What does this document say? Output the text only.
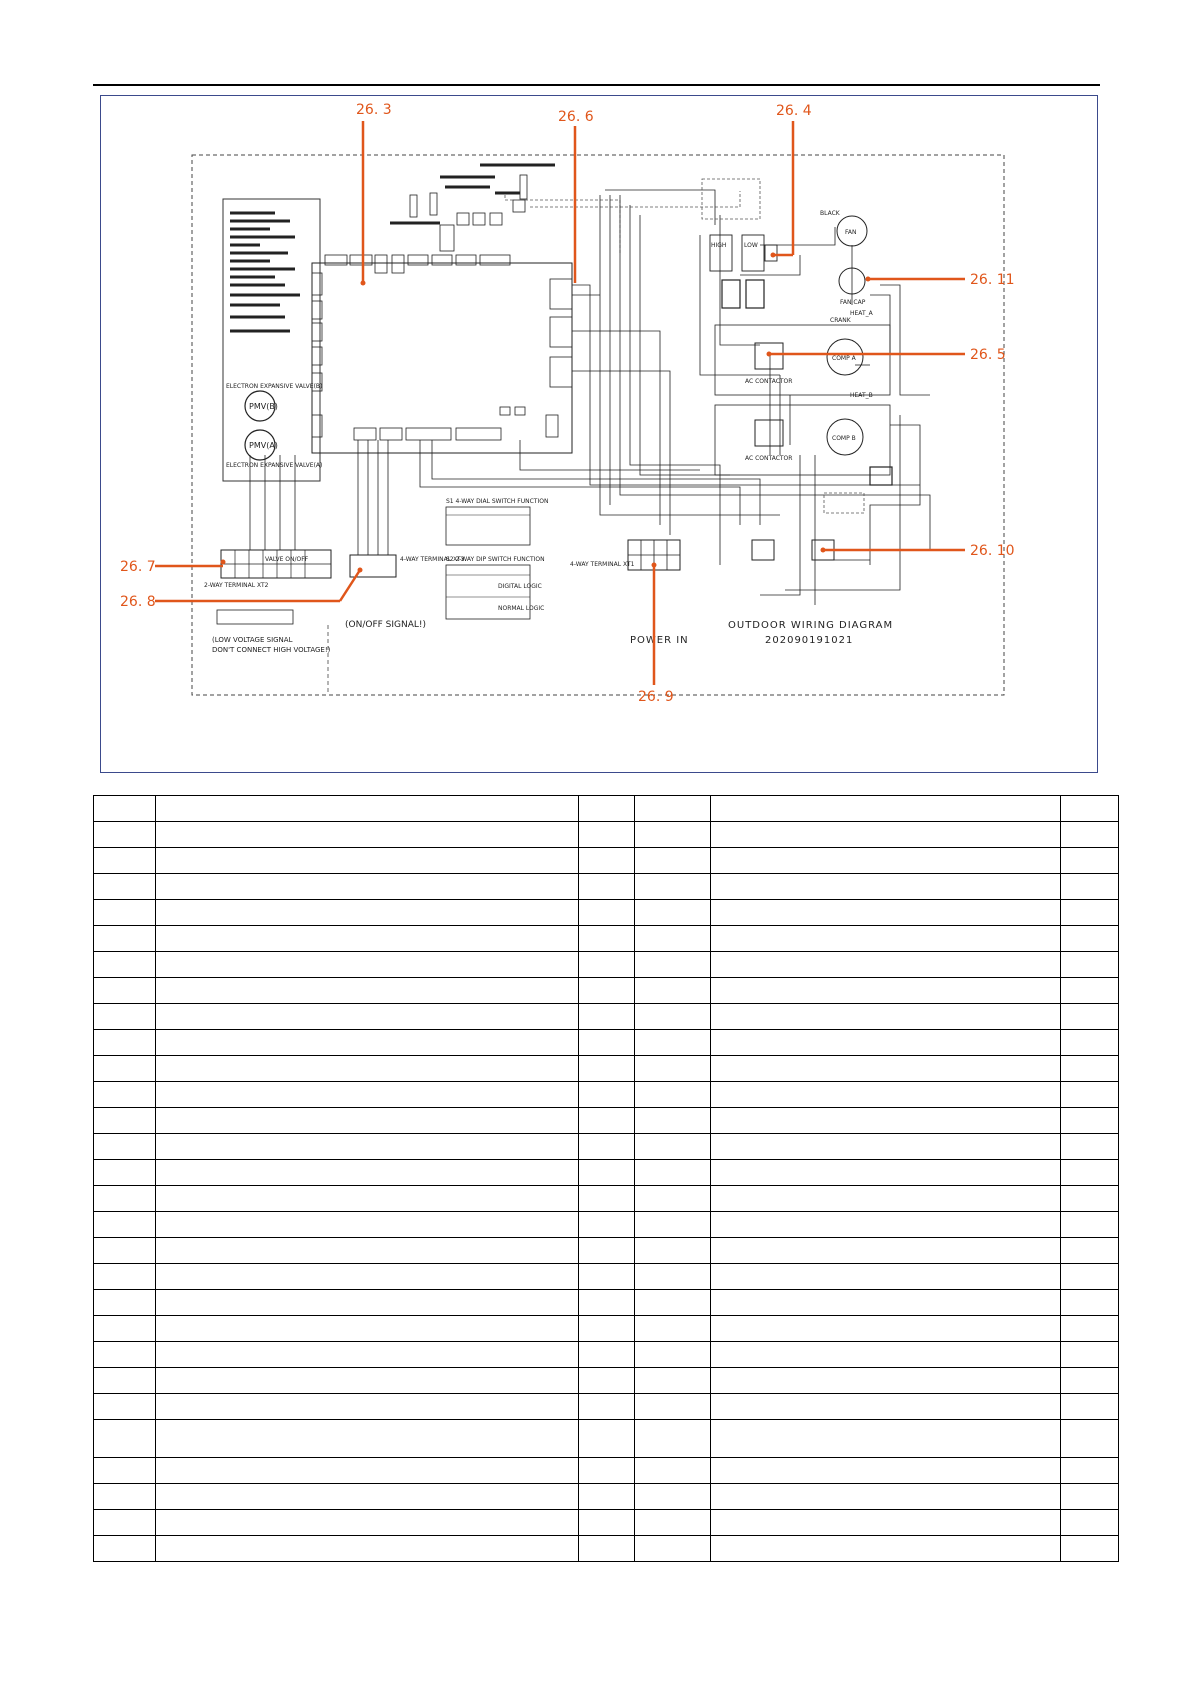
ELECTRON EXPANSIVE VALVE(B)
ELECTRON EXPANSIVE VALVE(A)
PMV(B)
PMV(A)
HIGH	LOW
FAN
FAN CAP
BLACK
AC CONTACTOR
COMP A
CRANK
HEAT_A
AC CONTACTOR
COMP B
HEAT_B
4-WAY TERMINAL XT1
POWER IN
S1 4-WAY DIAL SWITCH FUNCTION
S2 2-WAY DIP SWITCH FUNCTION
DIGITAL LOGIC
NORMAL LOGIC
VALVE ON/OFF
2-WAY TERMINAL XT2
4-WAY TERMINAL XT3
(LOW VOLTAGE SIGNAL
DON'T CONNECT HIGH VOLTAGE!)
(ON/OFF SIGNAL!)	OUTDOOR WIRING DIAGRAM
202090191021
26. 3	26. 6	26. 4
26. 11
26. 5
26. 10
26. 7
26. 8
26. 9
